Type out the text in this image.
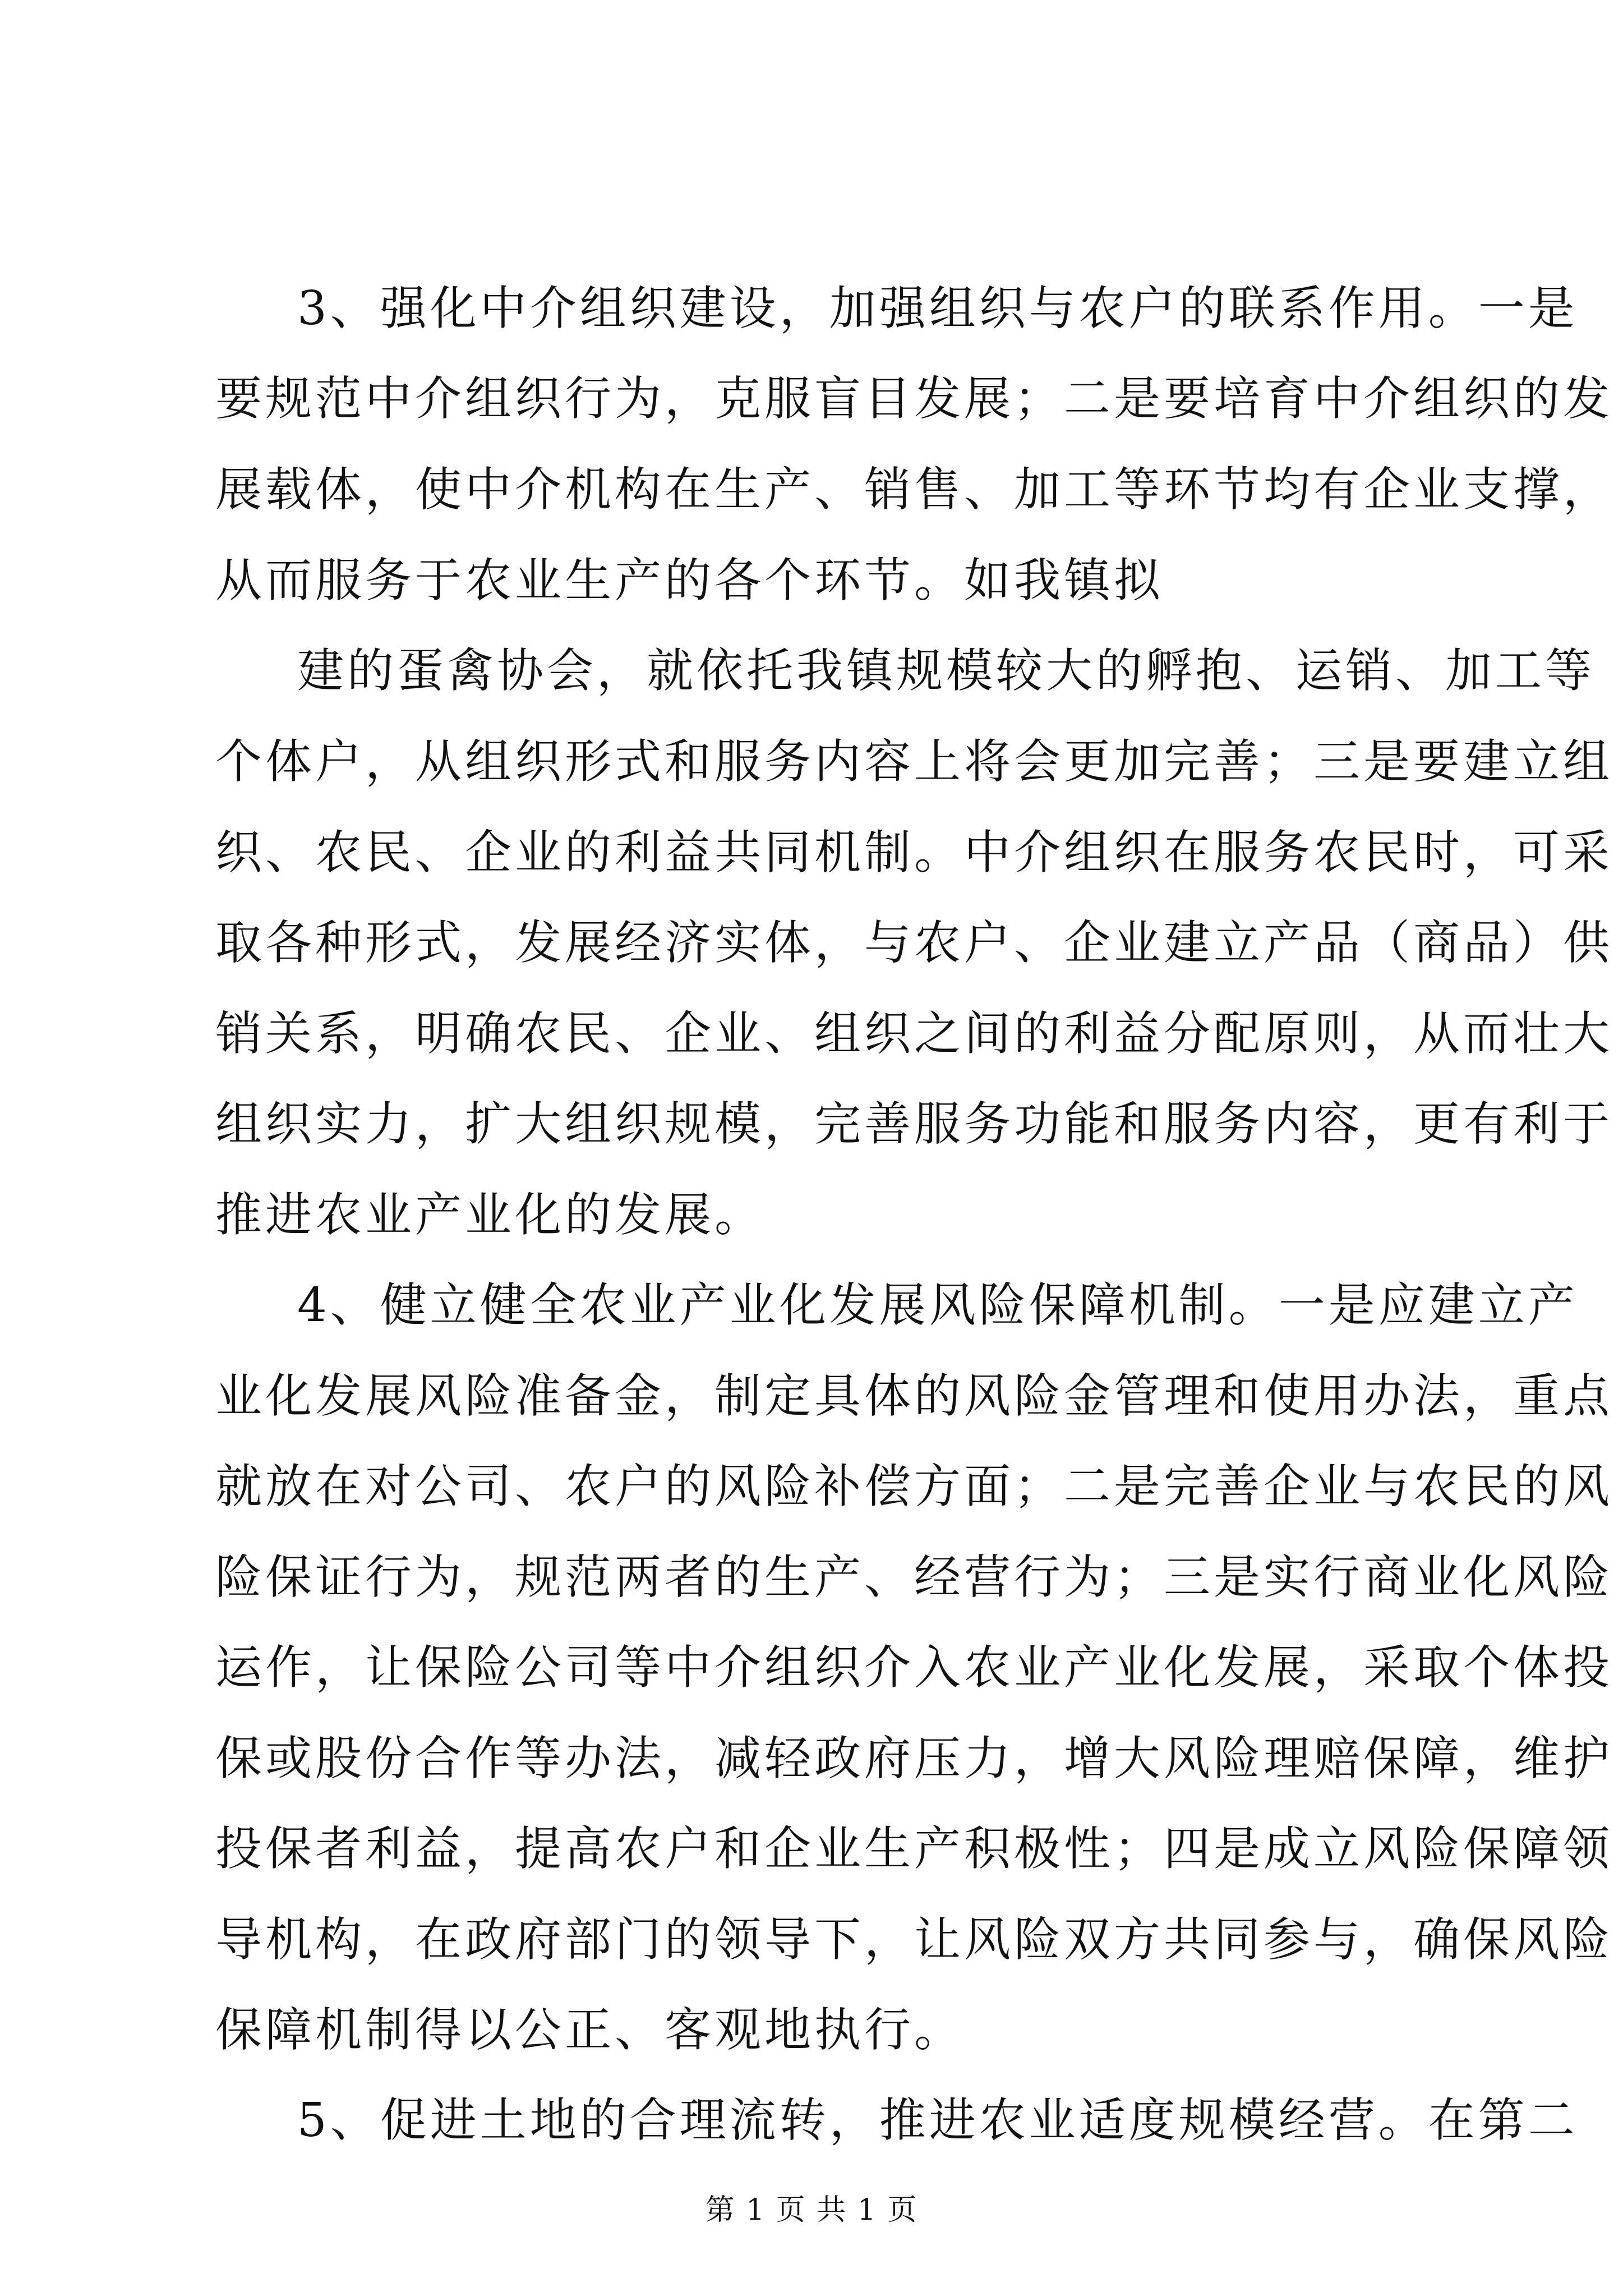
3、强化中介组织建设，加强组织与农户的联系作用。一是
要规范中介组织行为，克服盲目发展；二是要培育中介组织的发
展载体，使中介机构在生产、销售、加工等环节均有企业支撑，
从而服务于农业生产的各个环节。如我镇拟
建的蛋禽协会，就依托我镇规模较大的孵抱、运销、加工等
个体户，从组织形式和服务内容上将会更加完善；三是要建立组
织、农民、企业的利益共同机制。中介组织在服务农民时，可采
取各种形式，发展经济实体，与农户、企业建立产品（商品）供
销关系，明确农民、企业、组织之间的利益分配原则，从而壮大
组织实力，扩大组织规模，完善服务功能和服务内容，更有利于
推进农业产业化的发展。
4、健立健全农业产业化发展风险保障机制。一是应建立产
业化发展风险准备金，制定具体的风险金管理和使用办法，重点
就放在对公司、农户的风险补偿方面；二是完善企业与农民的风
险保证行为，规范两者的生产、经营行为；三是实行商业化风险
运作，让保险公司等中介组织介入农业产业化发展，采取个体投
保或股份合作等办法，减轻政府压力，增大风险理赔保障，维护
投保者利益，提高农户和企业生产积极性；四是成立风险保障领
导机构，在政府部门的领导下，让风险双方共同参与，确保风险
保障机制得以公正、客观地执行。
5、促进土地的合理流转，推进农业适度规模经营。在第二
第 1 页 共 1 页
